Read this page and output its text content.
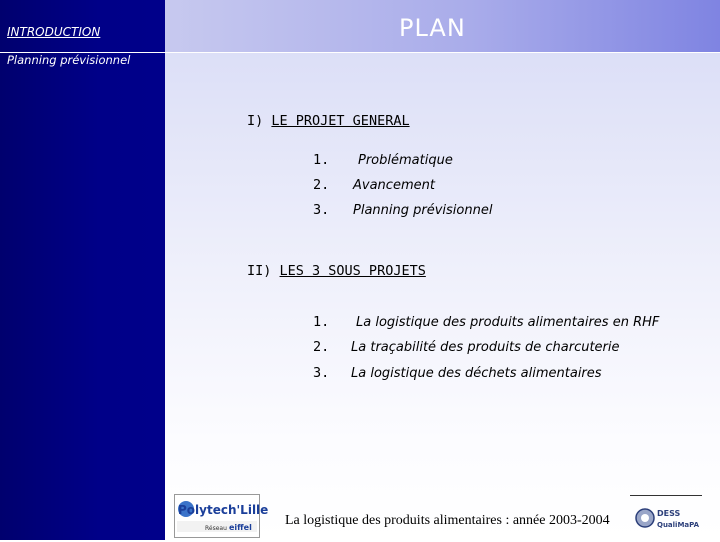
INTRODUCTION
Planning prévisionnel
PLAN
I) LE PROJET GENERAL
1. Problématique
2. Avancement
3. Planning prévisionnel
II) LES 3 SOUS PROJETS
1. La logistique des produits alimentaires en RHF
2. La traçabilité des produits de charcuterie
3. La logistique des déchets alimentaires
Polytech'Lille
Réseau eiffel La logistique des produits alimentaires : année 2003-2004	DESS
QualiMaPA
